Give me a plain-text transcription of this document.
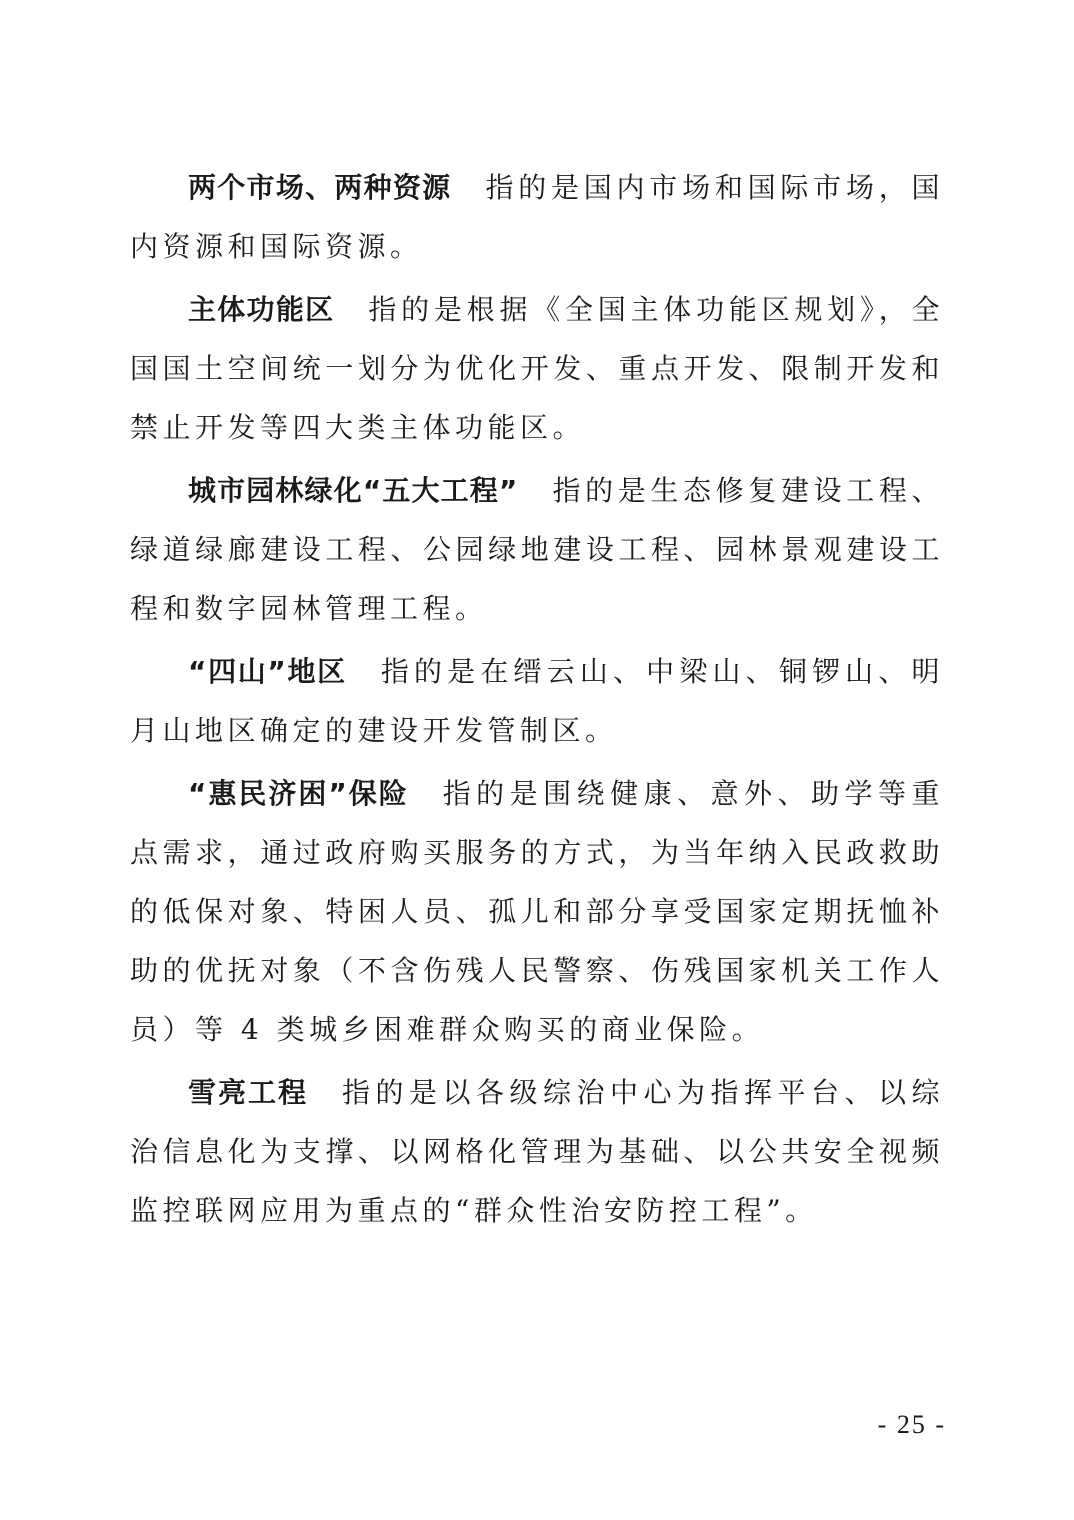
两个市场、两种资源 指的是国内市场和国际市场，国内资源和国际资源。

主体功能区 指的是根据《全国主体功能区规划》，全国国土空间统一划分为优化开发、重点开发、限制开发和禁止开发等四大类主体功能区。

城市园林绿化“五大工程” 指的是生态修复建设工程、绿道绿廊建设工程、公园绿地建设工程、园林景观建设工程和数字园林管理工程。

“四山”地区 指的是在缙云山、中梁山、铜锣山、明月山地区确定的建设开发管制区。

“惠民济困”保险 指的是围绕健康、意外、助学等重点需求，通过政府购买服务的方式，为当年纳入民政救助的低保对象、特困人员、孤儿和部分享受国家定期抚恤补助的优抚对象（不含伤残人民警察、伤残国家机关工作人员）等 4 类城乡困难群众购买的商业保险。

雪亮工程 指的是以各级综治中心为指挥平台、以综治信息化为支撑、以网格化管理为基础、以公共安全视频监控联网应用为重点的“群众性治安防控工程”。

- 25 -
